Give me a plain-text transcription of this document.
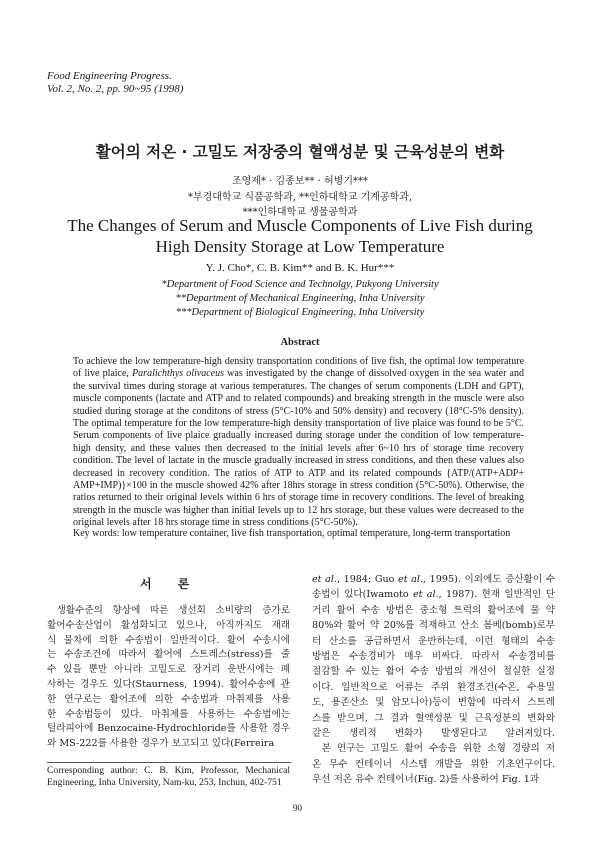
Food Engineering Progress.
Vol. 2, No. 2, pp. 90~95 (1998)
활어의 저온 · 고밀도 저장중의 혈액성분 및 근육성분의 변화
조영제* · 김종보** · 허병기***
*부경대학교 식품공학과, **인하대학교 기계공학과,
***인하대학교 생물공학과
The Changes of Serum and Muscle Components of Live Fish during
High Density Storage at Low Temperature
Y. J. Cho*, C. B. Kim** and B. K. Hur***
*Department of Food Science and Technolgy, Pukyong University
**Department of Mechanical Engineering, Inha University
***Department of Biological Engineering, Inha University
Abstract
To achieve the low temperature-high density transportation conditions of live fish, the optimal low temperature
of live plaice, Paralichthys olivaceus was investigated by the change of dissolved oxygen in the sea water and
the survival times during storage at various temperatures. The changes of serum components (LDH and GPT),
muscle components (lactate and ATP and to related compounds) and breaking strength in the muscle were also
studied during storage at the conditons of stress (5°C-10% and 50% density) and recovery (18°C-5% density).
The optimal temperature for the low temperature-high density transportation of live plaice was found to be 5°C.
Serum components of live plaice gradually increased during storage under the condition of low temperature-
high density, and these values then decreased to the initial levels after 6~10 hrs of storage time recovery
condition. The level of lactate in the muscle gradually increased in stress conditions, and then these values also
decreased in recovery condition. The ratios of ATP to ATP and its related compounds {ATP/(ATP+ADP+
AMP+IMP)}×100 in the muscle showed 42% after 18hrs storage in stress condition (5°C-50%). Otherwise, the
ratios returned to their original levels within 6 hrs of storage time in recovery conditions. The level of breaking
strength in the muscle was higher than initial levels up to 12 hrs storage, but these values were decreased to the
original levels after 18 hrs storage time in stress conditions (5°C-50%).
Key words: low temperature container, live fish transportation, optimal temperature, long-term transportation
서 론
　생활수준의 향상에 따른 생선회 소비량의 증가로
활어수송산업이 활성화되고 있으나, 아직까지도 재래
식 물차에 의한 수송법이 일반적이다. 활어 수송시에
는 수송조건에 따라서 활어에 스트레스(stress)를 줄
수 있을 뿐만 아니라 고밀도로 장거리 운반시에는 폐
사하는 경우도 있다(Staurness, 1994). 활어수송에 관
한 연구로는 활어조에 의한 수송법과 마취제를 사용
한 수송법등이 있다. 마취제를 사용하는 수송법에는
틸라피아에 Benzocaine-Hydrochloride를 사용한 경우
와 MS-222를 사용한 경우가 보고되고 있다(Ferreira
et al., 1984; Guo et al., 1995). 이외에도 증산활이 수
송법이 있다(Iwamoto et al., 1987). 현재 일반적인 단
거리 활어 수송 방법은 중소형 트럭의 활어조에 물 약
80%와 활어 약 20%를 적재하고 산소 봄베(bomb)로부
터 산소를 공급하면서 운반하는데, 이런 형태의 수송
방법은 수송경비가 매우 비싸다. 따라서 수송경비를
절감할 수 있는 활어 수송 방법의 개선이 절실한 실정
이다. 일반적으로 어류는 주위 환경조건(수온, 수용밀
도, 용존산소 및 암모니아)등이 변함에 따라서 스트레
스를 받으며, 그 결과 혈액성분 및 근육성분의 변화와
같은 생리적 변화가 발생된다고 알려져있다.
　본 연구는 고밀도 활어 수송을 위한 소형 경량의 저
온 무수 컨테이너 시스템 개발을 위한 기초연구이다.
우선 저온 유수 컨테이너(Fig. 2)를 사용하여 Fig. 1과
Corresponding author: C. B. Kim, Professor, Mechanical
Engineering, Inha University, Nam-ku, 253, Inchun, 402-751
90
